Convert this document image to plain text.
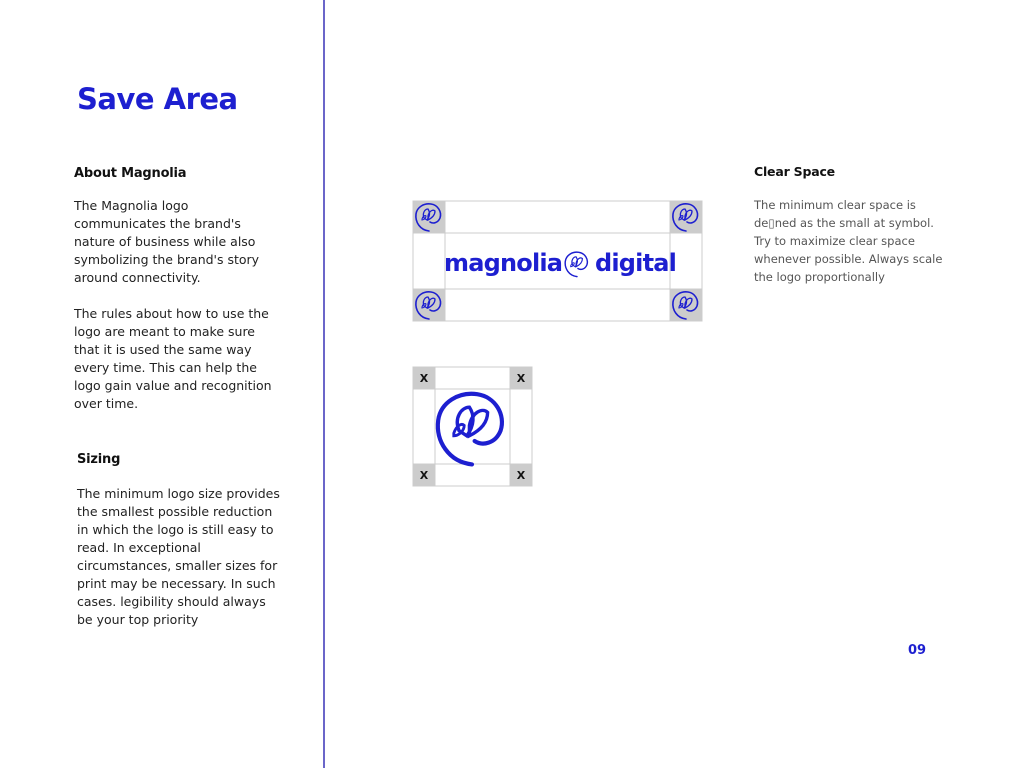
Save Area
About Magnolia
The Magnolia logo communicates the brand's nature of business while also symbolizing the brand's story around connectivity.
The rules about how to use the logo are meant to make sure that it is used the same way every time. This can help the logo gain value and recognition over time.
Sizing
The minimum logo size provides the smallest possible reduction in which the logo is still easy to read. In exceptional circumstances, smaller sizes for print may be necessary. In such cases. legibility should always be your top priority
Clear Space
The minimum clear space is de▯ned as the small at symbol. Try to maximize clear space whenever possible. Always scale the logo proportionally
magnolia digital
X	X
X	X
09
